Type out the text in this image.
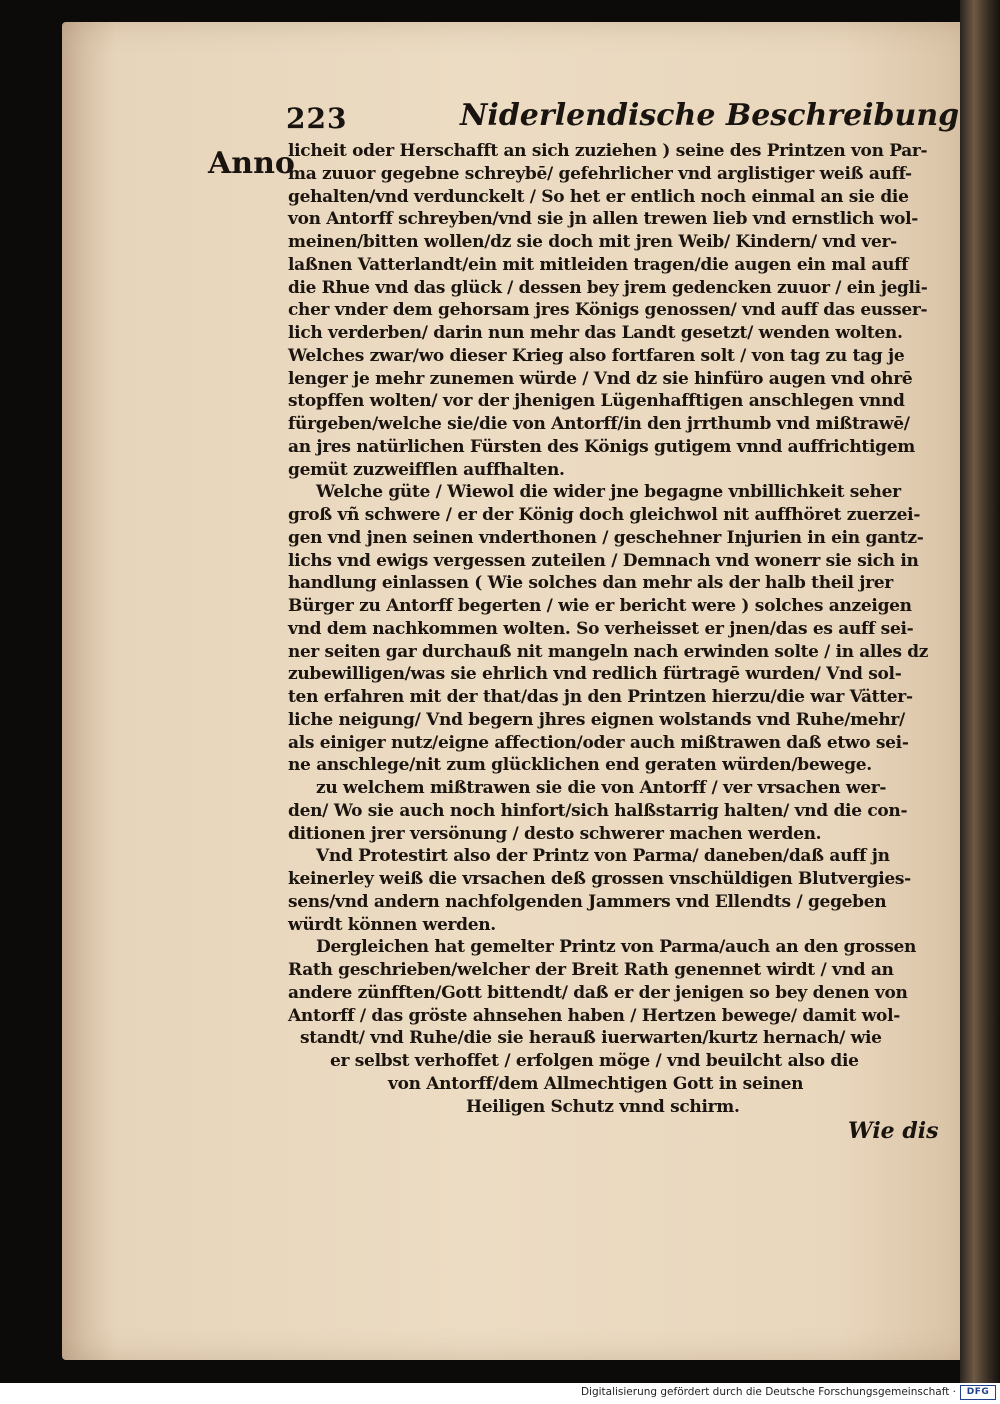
223	Niderlendische Beschreibung
Anno
licheit oder Herschafft an sich zuziehen ) seine des Printzen von Par-
ma zuuor gegebne schreybē/ gefehrlicher vnd arglistiger weiß auff-
gehalten/vnd verdunckelt / So het er entlich noch einmal an sie die
von Antorff schreyben/vnd sie jn allen trewen lieb vnd ernstlich wol-
meinen/bitten wollen/dz sie doch mit jren Weib/ Kindern/ vnd ver-
laßnen Vatterlandt/ein mit mitleiden tragen/die augen ein mal auff
die Rhue vnd das glück / dessen bey jrem gedencken zuuor / ein jegli-
cher vnder dem gehorsam jres Königs genossen/ vnd auff das eusser-
lich verderben/ darin nun mehr das Landt gesetzt/ wenden wolten.
Welches zwar/wo dieser Krieg also fortfaren solt / von tag zu tag je
lenger je mehr zunemen würde / Vnd dz sie hinfüro augen vnd ohrē
stopffen wolten/ vor der jhenigen Lügenhafftigen anschlegen vnnd
fürgeben/welche sie/die von Antorff/in den jrrthumb vnd mißtrawē/
an jres natürlichen Fürsten des Königs gutigem vnnd auffrichtigem
gemüt zuzweifflen auffhalten.
Welche güte / Wiewol die wider jne begagne vnbillichkeit seher
groß vñ schwere / er der König doch gleichwol nit auffhöret zuerzei-
gen vnd jnen seinen vnderthonen / geschehner Injurien in ein gantz-
lichs vnd ewigs vergessen zuteilen / Demnach vnd wonerr sie sich in
handlung einlassen ( Wie solches dan mehr als der halb theil jrer
Bürger zu Antorff begerten / wie er bericht were ) solches anzeigen
vnd dem nachkommen wolten. So verheisset er jnen/das es auff sei-
ner seiten gar durchauß nit mangeln nach erwinden solte / in alles dz
zubewilligen/was sie ehrlich vnd redlich fürtragē wurden/ Vnd sol-
ten erfahren mit der that/das jn den Printzen hierzu/die war Vätter-
liche neigung/ Vnd begern jhres eignen wolstands vnd Ruhe/mehr/
als einiger nutz/eigne affection/oder auch mißtrawen daß etwo sei-
ne anschlege/nit zum glücklichen end geraten würden/bewege.
zu welchem mißtrawen sie die von Antorff / ver vrsachen wer-
den/ Wo sie auch noch hinfort/sich halßstarrig halten/ vnd die con-
ditionen jrer versönung / desto schwerer machen werden.
Vnd Protestirt also der Printz von Parma/ daneben/daß auff jn
keinerley weiß die vrsachen deß grossen vnschüldigen Blutvergies-
sens/vnd andern nachfolgenden Jammers vnd Ellendts / gegeben
würdt können werden.
Dergleichen hat gemelter Printz von Parma/auch an den grossen
Rath geschrieben/welcher der Breit Rath genennet wirdt / vnd an
andere zünfften/Gott bittendt/ daß er der jenigen so bey denen von
Antorff / das gröste ahnsehen haben / Hertzen bewege/ damit wol-
standt/ vnd Ruhe/die sie herauß iuerwarten/kurtz hernach/ wie
er selbst verhoffet / erfolgen möge / vnd beuilcht also die
von Antorff/dem Allmechtigen Gott in seinen
Heiligen Schutz vnnd schirm.
Wie dis
Digitalisierung gefördert durch die Deutsche Forschungsgemeinschaft ·	DFG
